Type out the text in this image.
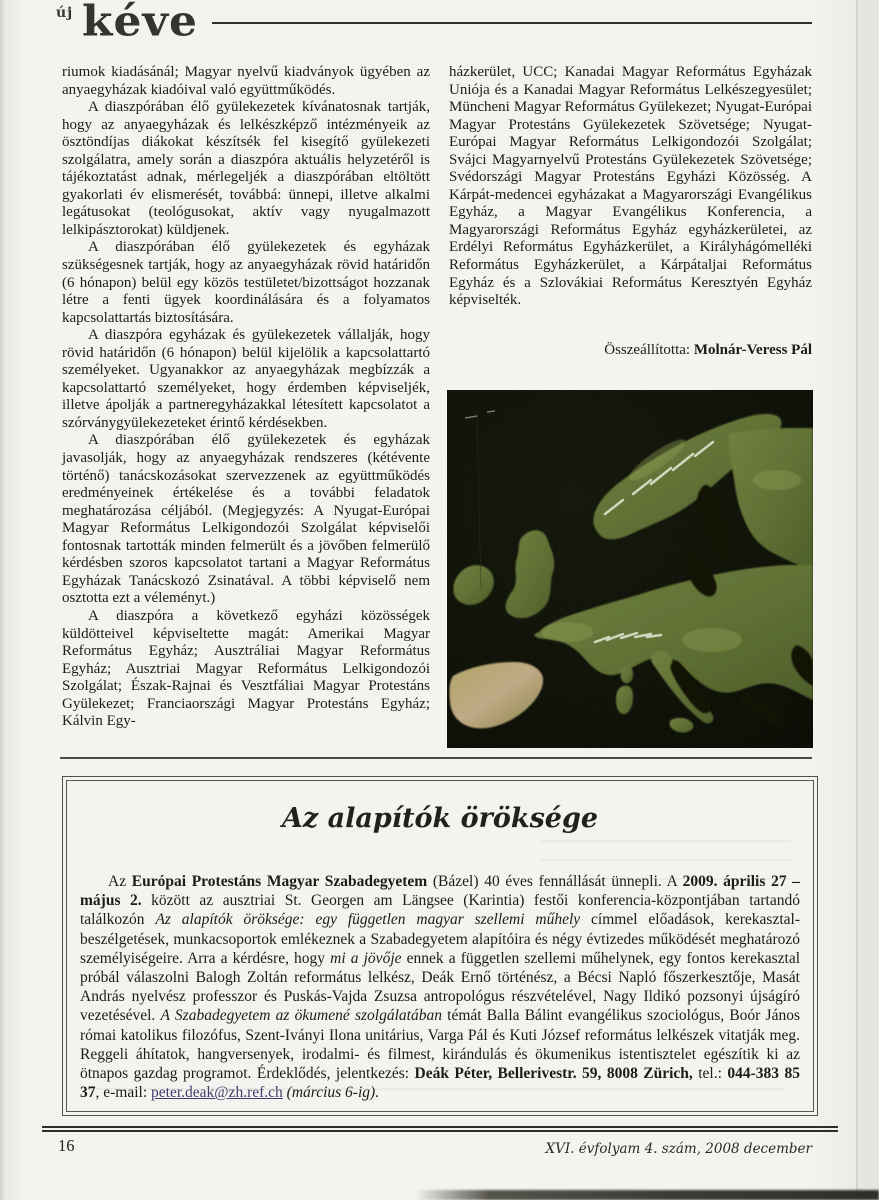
új kéve

riumok kiadásánál; Magyar nyelvű kiadványok ügyében az anyaegyházak kiadóival való együttműködés.

A diaszpórában élő gyülekezetek kívánatosnak tartják, hogy az anyaegyházak és lelkészképző intézményeik az ösztöndíjas diákokat készítsék fel kisegítő gyülekezeti szolgálatra, amely során a diaszpóra aktuális helyzetéről is tájékoztatást adnak, mérlegeljék a diaszpórában eltöltött gyakorlati év elismerését, továbbá: ünnepi, illetve alkalmi legátusokat (teológusokat, aktív vagy nyugalmazott lelkipásztorokat) küldjenek.

A diaszpórában élő gyülekezetek és egyházak szükségesnek tartják, hogy az anyaegyházak rövid határidőn (6 hónapon) belül egy közös testületet/bizottságot hozzanak létre a fenti ügyek koordinálására és a folyamatos kapcsolattartás biztosítására.

A diaszpóra egyházak és gyülekezetek vállalják, hogy rövid határidőn (6 hónapon) belül kijelölik a kapcsolattartó személyeket. Ugyanakkor az anyaegyházak megbízzák a kapcsolattartó személyeket, hogy érdemben képviseljék, illetve ápolják a partneregyházakkal létesített kapcsolatot a szórványgyülekezeteket érintő kérdésekben.

A diaszpórában élő gyülekezetek és egyházak javasolják, hogy az anyaegyházak rendszeres (kétévente történő) tanácskozásokat szervezzenek az együttműködés eredményeinek értékelése és a további feladatok meghatározása céljából. (Megjegyzés: A Nyugat-Európai Magyar Református Lelkigondozói Szolgálat képviselői fontosnak tartották minden felmerült és a jövőben felmerülő kérdésben szoros kapcsolatot tartani a Magyar Református Egyházak Tanácskozó Zsinatával. A többi képviselő nem osztotta ezt a véleményt.)

A diaszpóra a következő egyházi közösségek küldötteivel képviseltette magát: Amerikai Magyar Református Egyház; Ausztráliai Magyar Református Egyház; Ausztriai Magyar Református Lelkigondozói Szolgálat; Észak-Rajnai és Vesztfáliai Magyar Protestáns Gyülekezet; Franciaországi Magyar Protestáns Egyház; Kálvin Egy-

házkerület, UCC; Kanadai Magyar Református Egyházak Uniója és a Kanadai Magyar Református Lelkészegyesület; Müncheni Magyar Református Gyülekezet; Nyugat-Európai Magyar Protestáns Gyülekezetek Szövetsége; Nyugat-Európai Magyar Református Lelkigondozói Szolgálat; Svájci Magyarnyelvű Protestáns Gyülekezetek Szövetsége; Svédországi Magyar Protestáns Egyházi Közösség. A Kárpát-medencei egyházakat a Magyarországi Evangélikus Egyház, a Magyar Evangélikus Konferencia, a Magyarországi Református Egyház egyházkerületei, az Erdélyi Református Egyházkerület, a Királyhágómelléki Református Egyházkerület, a Kárpátaljai Református Egyház és a Szlovákiai Református Keresztyén Egyház képviselték.

Összeállította: Molnár-Veress Pál

Az alapítók öröksége

Az Európai Protestáns Magyar Szabadegyetem (Bázel) 40 éves fennállását ünnepli. A 2009. április 27 – május 2. között az ausztriai St. Georgen am Längsee (Karintia) festői konferencia-központjában tartandó találkozón Az alapítók öröksége: egy független magyar szellemi műhely címmel előadások, kerekasztal-beszélgetések, munkacsoportok emlékeznek a Szabadegyetem alapítóira és négy évtizedes működését meghatározó személyiségeire. Arra a kérdésre, hogy mi a jövője ennek a független szellemi műhelynek, egy fontos kerekasztal próbál válaszolni Balogh Zoltán református lelkész, Deák Ernő történész, a Bécsi Napló főszerkesztője, Masát András nyelvész professzor és Puskás-Vajda Zsuzsa antropológus részvételével, Nagy Ildikó pozsonyi újságíró vezetésével. A Szabadegyetem az ökumené szolgálatában témát Balla Bálint evangélikus szociológus, Boór János római katolikus filozófus, Szent-Iványi Ilona unitárius, Varga Pál és Kuti József református lelkészek vitatják meg. Reggeli áhítatok, hangversenyek, irodalmi- és filmest, kirándulás és ökumenikus istentisztelet egészítik ki az ötnapos gazdag programot. Érdeklődés, jelentkezés: Deák Péter, Bellerivestr. 59, 8008 Zürich, tel.: 044-383 85 37, e-mail: peter.deak@zh.ref.ch (március 6-ig).

16	XVI. évfolyam 4. szám, 2008 december
